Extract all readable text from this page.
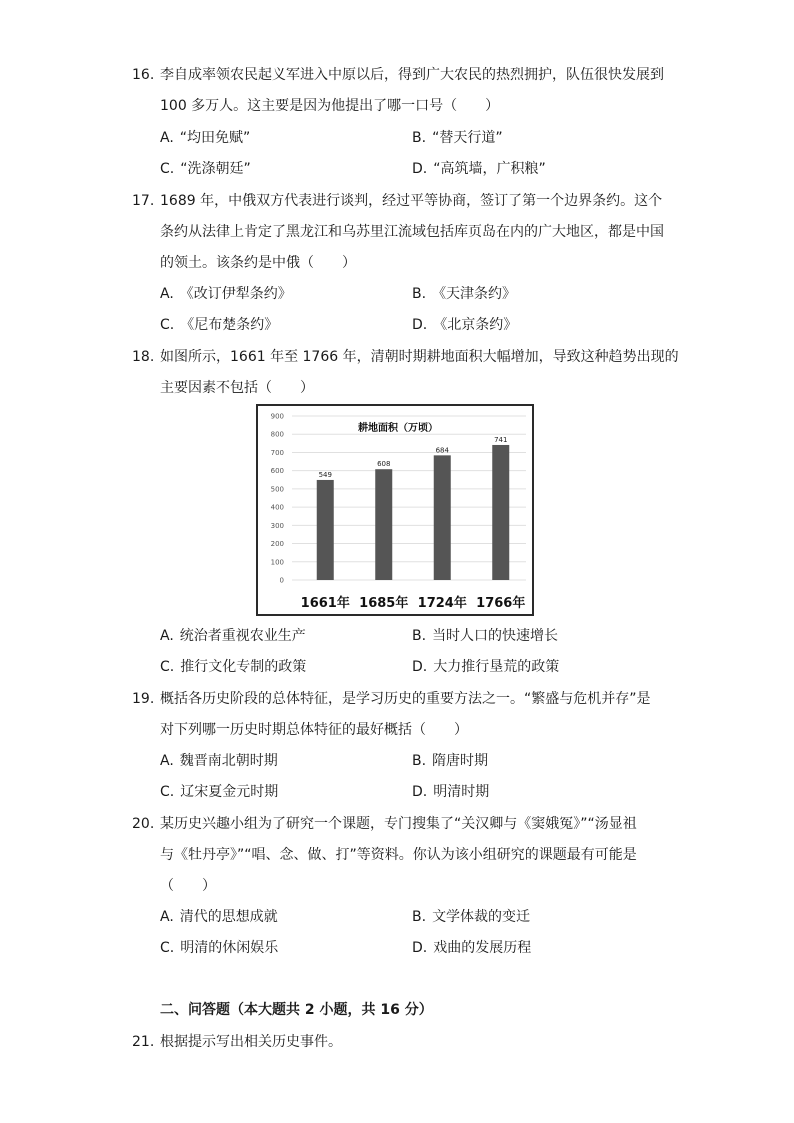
16. 李自成率领农民起义军进入中原以后，得到广大农民的热烈拥护，队伍很快发展到
100 多万人。这主要是因为他提出了哪一口号（　　）
A. “均田免赋”	B. “替天行道”
C. “洗涤朝廷”	D. “高筑墙，广积粮”
17. 1689 年，中俄双方代表进行谈判，经过平等协商，签订了第一个边界条约。这个
条约从法律上肯定了黑龙江和乌苏里江流域包括库页岛在内的广大地区，都是中国
的领土。该条约是中俄（　　）
A. 《改订伊犁条约》	B. 《天津条约》
C. 《尼布楚条约》	D. 《北京条约》
18. 如图所示，1661 年至 1766 年，清朝时期耕地面积大幅增加，导致这种趋势出现的
主要因素不包括（　　）
0
100
200
300
400
500
600
700
800
900
549
1661年
608
1685年
684
1724年
741
1766年
耕地面积（万顷）
A. 统治者重视农业生产	B. 当时人口的快速增长
C. 推行文化专制的政策	D. 大力推行垦荒的政策
19. 概括各历史阶段的总体特征，是学习历史的重要方法之一。“繁盛与危机并存”是
对下列哪一历史时期总体特征的最好概括（　　）
A. 魏晋南北朝时期	B. 隋唐时期
C. 辽宋夏金元时期	D. 明清时期
20. 某历史兴趣小组为了研究一个课题，专门搜集了“关汉卿与《窦娥冤》”“汤显祖
与《牡丹亭》”“唱、念、做、打”等资料。你认为该小组研究的课题最有可能是
（　　）
A. 清代的思想成就	B. 文学体裁的变迁
C. 明清的休闲娱乐	D. 戏曲的发展历程
二、问答题（本大题共 2 小题，共 16 分）
21. 根据提示写出相关历史事件。
